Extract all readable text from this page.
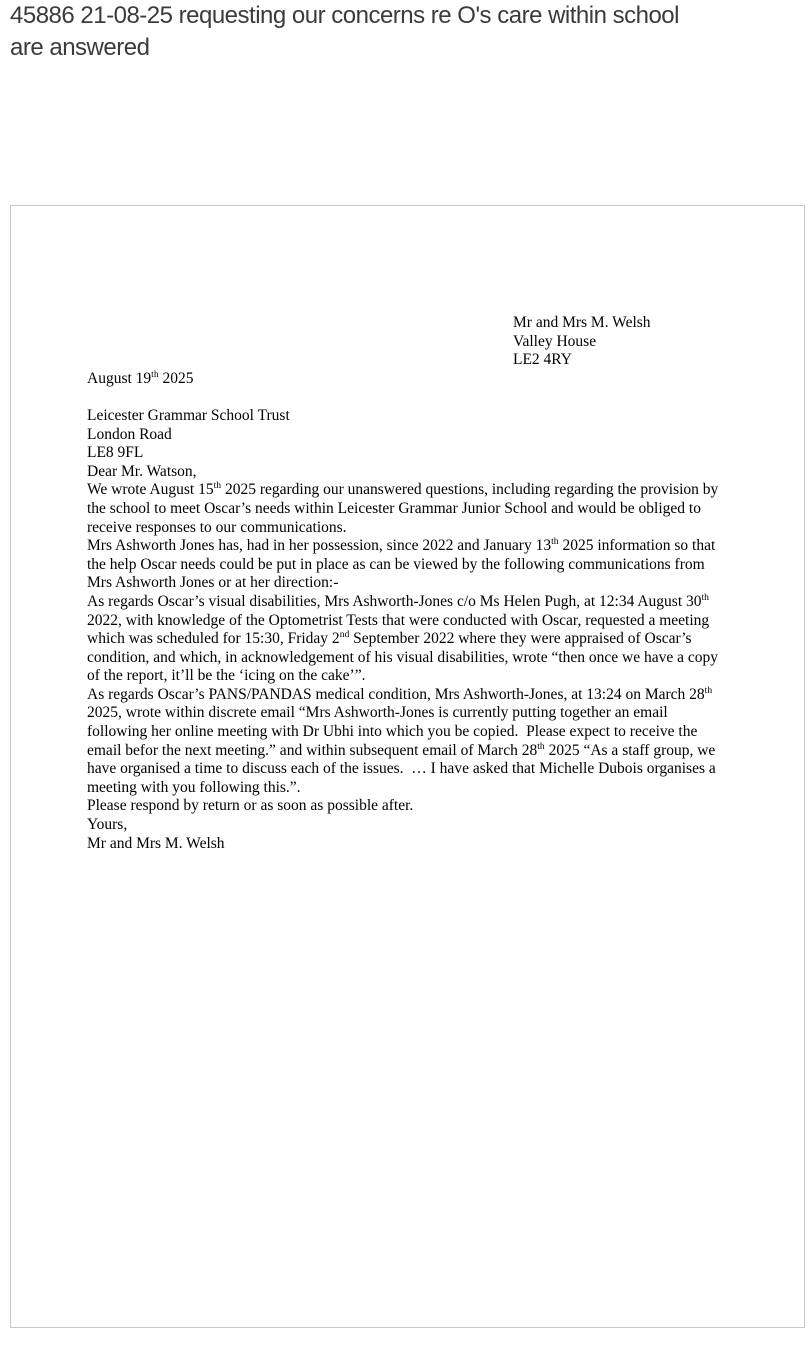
45886 21-08-25 requesting our concerns re O's care within school are answered

Mr and Mrs M. Welsh

Valley House

LE2 4RY

August 19th 2025

Leicester Grammar School Trust

London Road

LE8 9FL

Dear Mr. Watson,

We wrote August 15th 2025 regarding our unanswered questions, including regarding the provision by the school to meet Oscar’s needs within Leicester Grammar Junior School and would be obliged to receive responses to our communications.

Mrs Ashworth Jones has, had in her possession, since 2022 and January 13th 2025 information so that the help Oscar needs could be put in place as can be viewed by the following communications from Mrs Ashworth Jones or at her direction:-

As regards Oscar’s visual disabilities, Mrs Ashworth-Jones c/o Ms Helen Pugh, at 12:34 August 30th 2022, with knowledge of the Optometrist Tests that were conducted with Oscar, requested a meeting which was scheduled for 15:30, Friday 2nd September 2022 where they were appraised of Oscar’s condition, and which, in acknowledgement of his visual disabilities, wrote “then once we have a copy of the report, it’ll be the ‘icing on the cake’”.

As regards Oscar’s PANS/PANDAS medical condition, Mrs Ashworth-Jones, at 13:24 on March 28th 2025, wrote within discrete email “Mrs Ashworth-Jones is currently putting together an email following her online meeting with Dr Ubhi into which you be copied.  Please expect to receive the email befor the next meeting.” and within subsequent email of March 28th 2025 “As a staff group, we have organised a time to discuss each of the issues.  … I have asked that Michelle Dubois organises a meeting with you following this.”.

Please respond by return or as soon as possible after.

Yours,

Mr and Mrs M. Welsh
